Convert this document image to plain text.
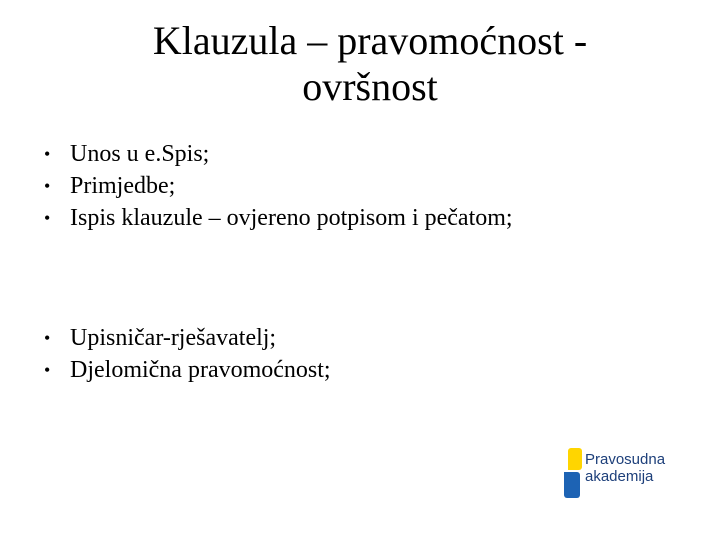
Klauzula – pravomoćnost -
ovršnost
• Unos u e.Spis;
• Primjedbe;
• Ispis klauzule – ovjereno potpisom i pečatom;
• Upisničar-rješavatelj;
• Djelomična pravomoćnost;
Pravosudna
akademija
